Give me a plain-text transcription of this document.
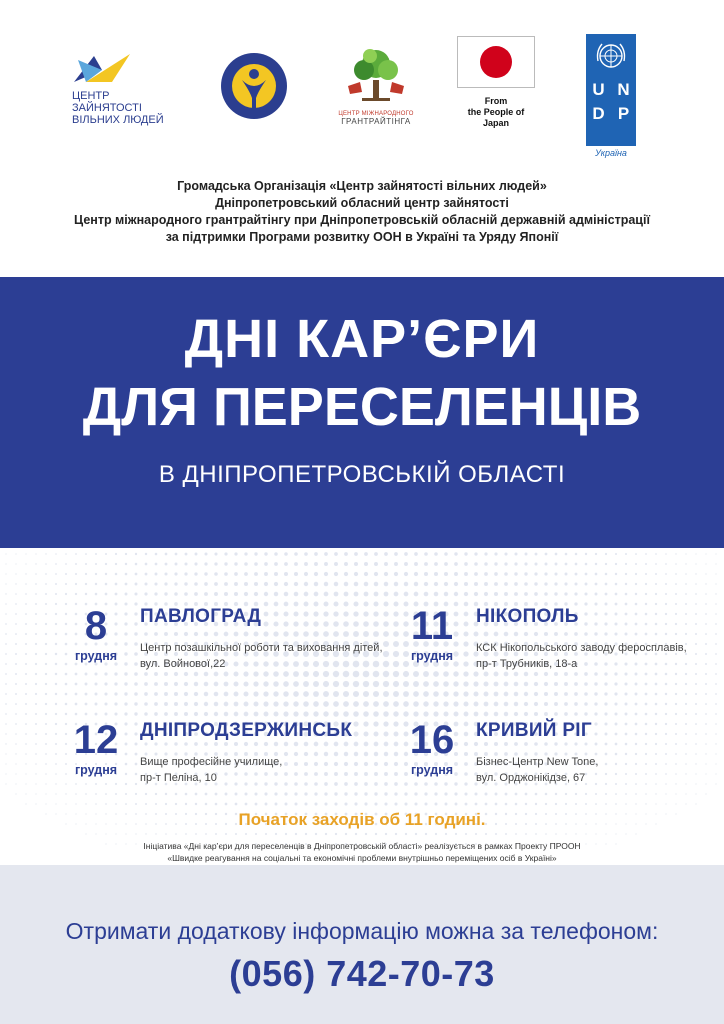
ЦЕНТР ЗАЙНЯТОСТІ
ВІЛЬНИХ ЛЮДЕЙ	ЦЕНТР МІЖНАРОДНОГО
ГРАНТРАЙТІНГА
From
the People of Japan
U N
D P
Україна
Громадська Організація «Центр зайнятості вільних людей»
Дніпропетровський обласний центр зайнятості
Центр міжнародного грантрайтінгу при Дніпропетровській обласній державній адміністрації
за підтримки Програми розвитку ООН в Україні та Уряду Японії
ДНІ КАР’ЄРИ
ДЛЯ ПЕРЕСЕЛЕНЦІВ
В ДНІПРОПЕТРОВСЬКІЙ ОБЛАСТІ
8
грудня
ПАВЛОГРАД
Центр позашкільної роботи та виховання дітей,
вул. Войнової,22
11
грудня
НІКОПОЛЬ
КСК Нікопольського заводу феросплавів,
пр-т Трубників, 18-а
12
грудня
ДНІПРОДЗЕРЖИНСЬК
Вище професійне училище,
пр-т Пеліна, 10
16
грудня
КРИВИЙ РІГ
Бізнес-Центр New Tone,
вул. Орджонікідзе, 67
Початок заходів об 11 годині.
Ініціатива «Дні кар’єри для переселенців в Дніпропетровській області» реалізується в рамках Проекту ПРООН
«Швидке реагування на соціальні та економічні проблеми внутрішньо переміщених осіб в Україні»
Отримати додаткову інформацію можна за телефоном:
(056) 742-70-73
